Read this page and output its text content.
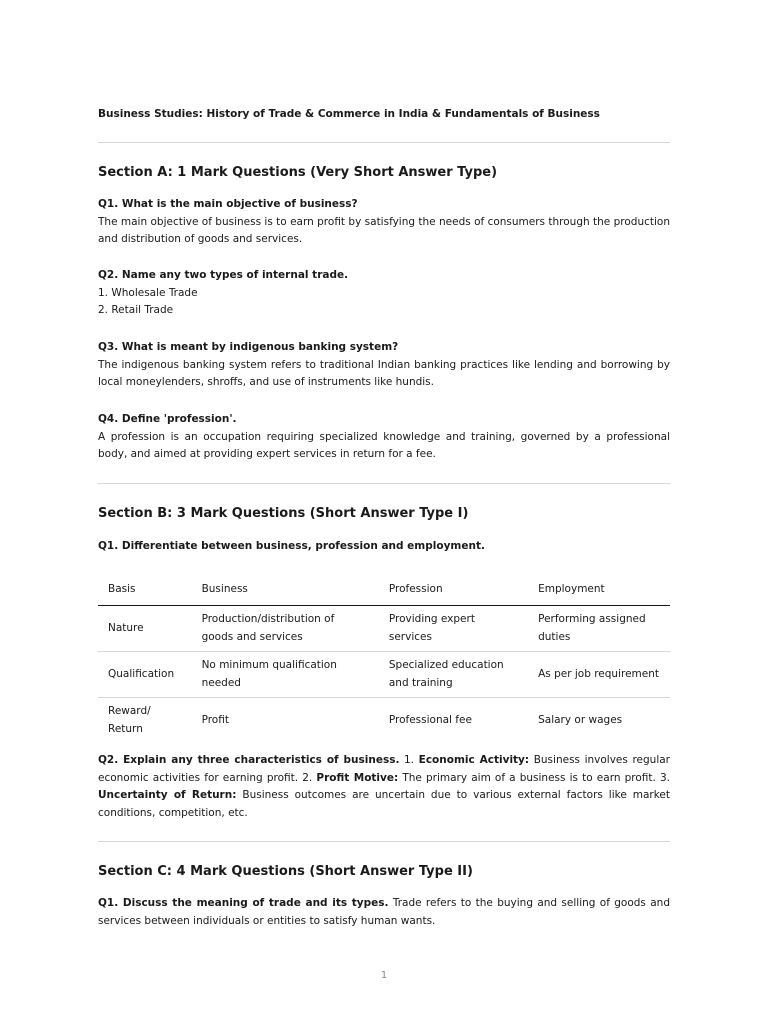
Business Studies: History of Trade & Commerce in India & Fundamentals of Business
Section A: 1 Mark Questions (Very Short Answer Type)
Q1. What is the main objective of business?
The main objective of business is to earn profit by satisfying the needs of consumers through the production and distribution of goods and services.
Q2. Name any two types of internal trade.
1. Wholesale Trade
2. Retail Trade
Q3. What is meant by indigenous banking system?
The indigenous banking system refers to traditional Indian banking practices like lending and borrowing by local moneylenders, shroffs, and use of instruments like hundis.
Q4. Define 'profession'.
A profession is an occupation requiring specialized knowledge and training, governed by a professional body, and aimed at providing expert services in return for a fee.
Section B: 3 Mark Questions (Short Answer Type I)
Q1. Differentiate between business, profession and employment.
Basis	Business	Profession	Employment
Nature	Production/distribution of goods and services	Providing expert services	Performing assigned duties
Qualification	No minimum qualification needed	Specialized education and training	As per job requirement
Reward/ Return	Profit	Professional fee	Salary or wages
Q2. Explain any three characteristics of business. 1. Economic Activity: Business involves regular economic activities for earning profit. 2. Profit Motive: The primary aim of a business is to earn profit. 3. Uncertainty of Return: Business outcomes are uncertain due to various external factors like market conditions, competition, etc.
Section C: 4 Mark Questions (Short Answer Type II)
Q1. Discuss the meaning of trade and its types. Trade refers to the buying and selling of goods and services between individuals or entities to satisfy human wants.
1
